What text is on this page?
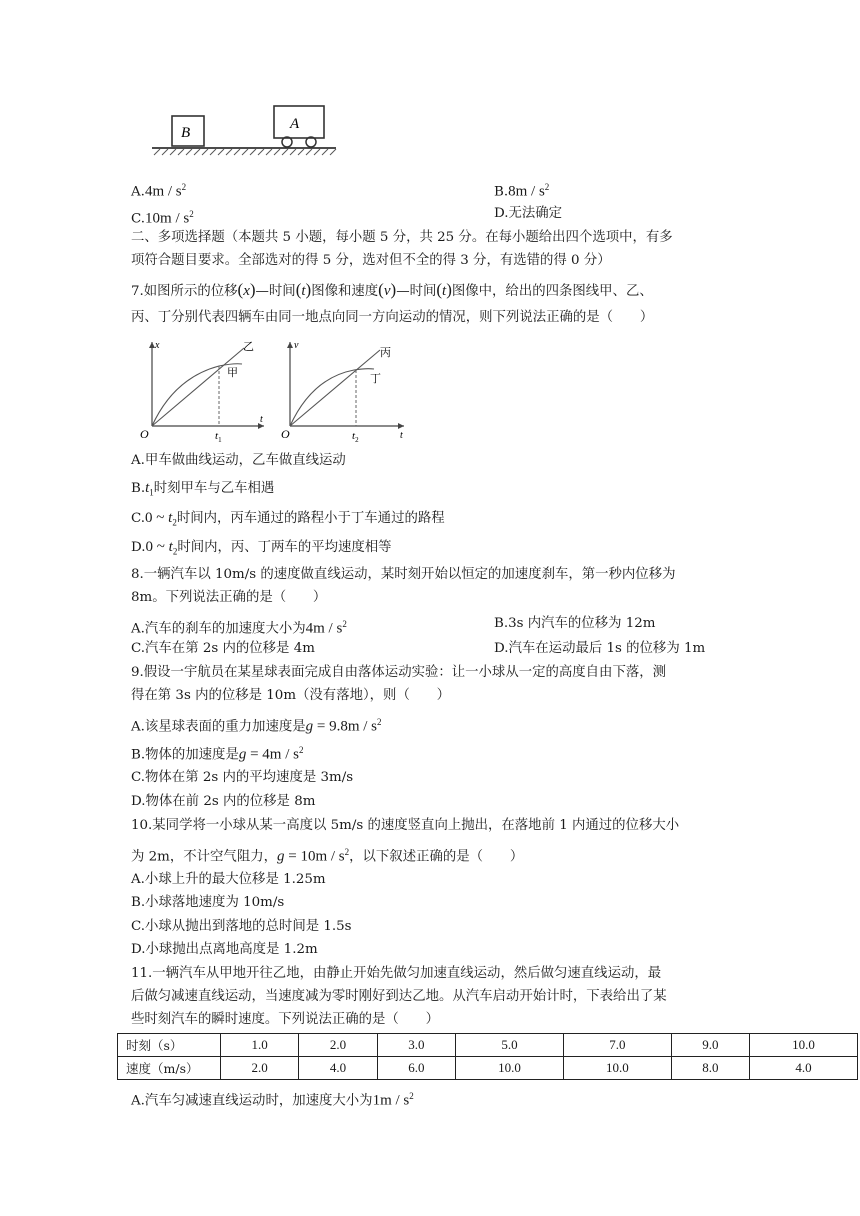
B
A
$A.4m / s^2$	$B.8m / s^2$
$C.10m / s^2$	D.无法确定
二、多项选择题（本题共 5 小题，每小题 5 分，共 25 分。在每小题给出四个选项中，有多
项符合题目要求。全部选对的得 5 分，选对但不全的得 3 分，有选错的得 0 分）
7.如图所示的位移(x)—时间(t)图像和速度(v)—时间(t)图像中，给出的四条图线甲、乙、
丙、丁分别代表四辆车由同一地点向同一方向运动的情况，则下列说法正确的是（　　）
x
t
O
乙
甲
$t_1$
v
t
O
丙
丁
$t_2$
A.甲车做曲线运动，乙车做直线运动
$B.t_1$时刻甲车与乙车相遇
C.0 ~ $t_2$时间内，丙车通过的路程小于丁车通过的路程
D.0 ~ $t_2$时间内，丙、丁两车的平均速度相等
8.一辆汽车以 10m/s 的速度做直线运动，某时刻开始以恒定的加速度刹车，第一秒内位移为
8m。下列说法正确的是（　　）
A.汽车的刹车的加速度大小为$4m / s^2$	B.3s 内汽车的位移为 12m
C.汽车在第 2s 内的位移是 4m	D.汽车在运动最后 1s 的位移为 1m
9.假设一宇航员在某星球表面完成自由落体运动实验：让一小球从一定的高度自由下落，测
得在第 3s 内的位移是 10m（没有落地），则（　　）
A.该星球表面的重力加速度是$g = 9.8m / s^2$
B.物体的加速度是$g = 4m / s^2$
C.物体在第 2s 内的平均速度是 3m/s
D.物体在前 2s 内的位移是 8m
10.某同学将一小球从某一高度以 5m/s 的速度竖直向上抛出，在落地前 1 内通过的位移大小
为 2m，不计空气阻力，$g = 10m / s^2$，以下叙述正确的是（　　）
A.小球上升的最大位移是 1.25m
B.小球落地速度为 10m/s
C.小球从抛出到落地的总时间是 1.5s
D.小球抛出点离地高度是 1.2m
11.一辆汽车从甲地开往乙地，由静止开始先做匀加速直线运动，然后做匀速直线运动，最
后做匀减速直线运动，当速度减为零时刚好到达乙地。从汽车启动开始计时，下表给出了某
些时刻汽车的瞬时速度。下列说法正确的是（　　）
时刻（s）	1.0	2.0	3.0	5.0	7.0	9.0	10.0
速度（m/s）	2.0	4.0	6.0	10.0	10.0	8.0	4.0
A.汽车匀减速直线运动时，加速度大小为$1m / s^2$
